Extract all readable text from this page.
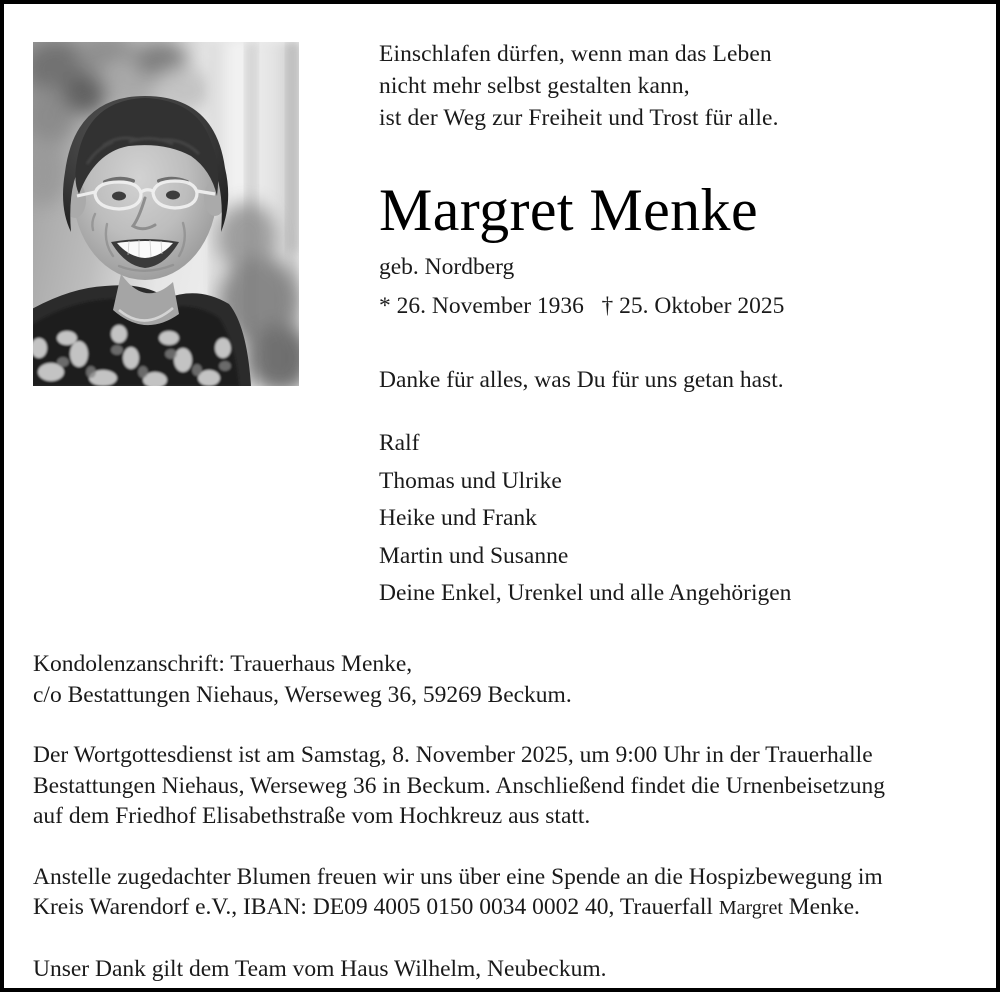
Einschlafen dürfen, wenn man das Leben
nicht mehr selbst gestalten kann,
ist der Weg zur Freiheit und Trost für alle.
Margret Menke
geb. Nordberg
* 26. November 1936   † 25. Oktober 2025
Danke für alles, was Du für uns getan hast.
Ralf
Thomas und Ulrike
Heike und Frank
Martin und Susanne
Deine Enkel, Urenkel und alle Angehörigen
Kondolenzanschrift: Trauerhaus Menke,
c/o Bestattungen Niehaus, Werseweg 36, 59269 Beckum.
Der Wortgottesdienst ist am Samstag, 8. November 2025, um 9:00 Uhr in der Trauerhalle
Bestattungen Niehaus, Werseweg 36 in Beckum. Anschließend findet die Urnenbeisetzung
auf dem Friedhof Elisabethstraße vom Hochkreuz aus statt.
Anstelle zugedachter Blumen freuen wir uns über eine Spende an die Hospizbewegung im
Kreis Warendorf e.V., IBAN: DE09 4005 0150 0034 0002 40, Trauerfall Margret Menke.
Unser Dank gilt dem Team vom Haus Wilhelm, Neubeckum.
